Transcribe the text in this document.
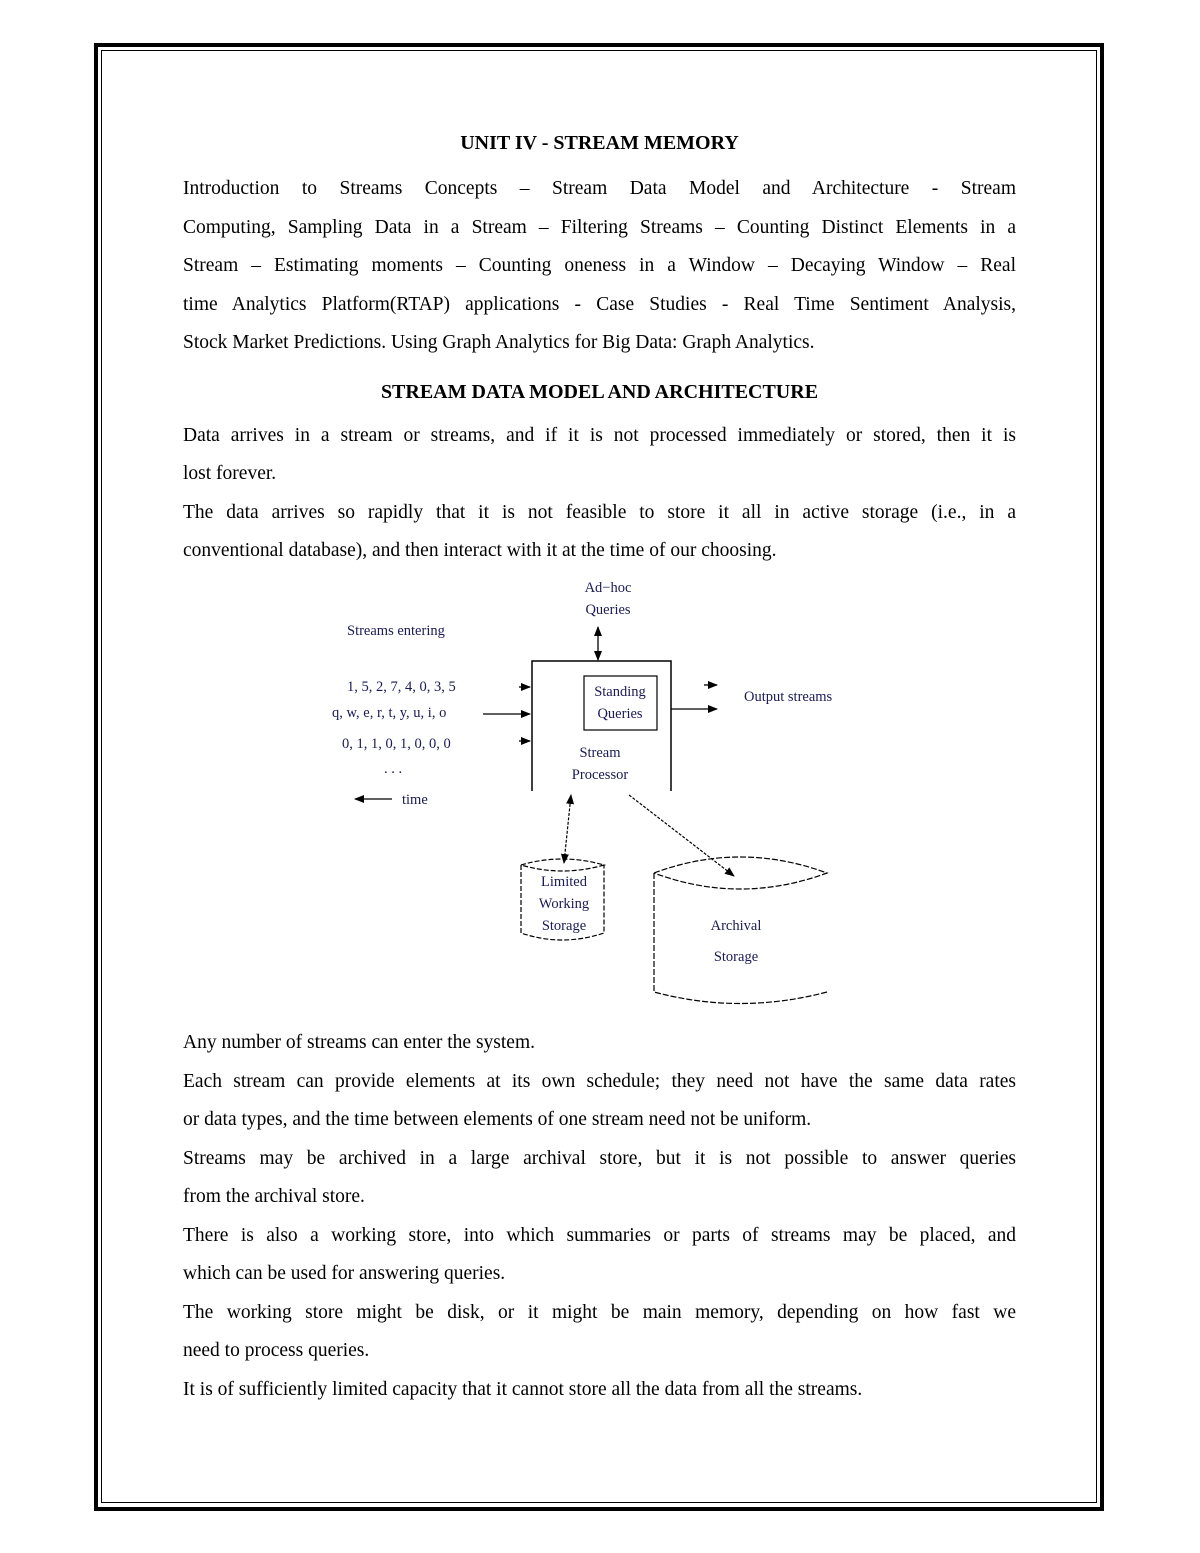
UNIT IV - STREAM MEMORY

Introduction to Streams Concepts – Stream Data Model and Architecture - Stream

Computing, Sampling Data in a Stream – Filtering Streams – Counting Distinct Elements in a

Stream – Estimating moments – Counting oneness in a Window – Decaying Window – Real

time Analytics Platform(RTAP) applications - Case Studies - Real Time Sentiment Analysis,

Stock Market Predictions. Using Graph Analytics for Big Data: Graph Analytics.

STREAM DATA MODEL AND ARCHITECTURE

Data arrives in a stream or streams, and if it is not processed immediately or stored, then it is

lost forever.

The data arrives so rapidly that it is not feasible to store it all in active storage (i.e., in a

conventional database), and then interact with it at the time of our choosing.

Ad−hoc
Queries
Standing
Queries
Stream
Processor
Streams entering
1, 5, 2, 7, 4, 0, 3, 5
q, w, e, r, t, y, u, i, o
0, 1, 1, 0, 1, 0, 0, 0
. . .
time
Output streams
Limited
Working
Storage	Archival
Storage

Any number of streams can enter the system.

Each stream can provide elements at its own schedule; they need not have the same data rates

or data types, and the time between elements of one stream need not be uniform.

Streams may be archived in a large archival store, but it is not possible to answer queries

from the archival store.

There is also a working store, into which summaries or parts of streams may be placed, and

which can be used for answering queries.

The working store might be disk, or it might be main memory, depending on how fast we

need to process queries.

It is of sufficiently limited capacity that it cannot store all the data from all the streams.
